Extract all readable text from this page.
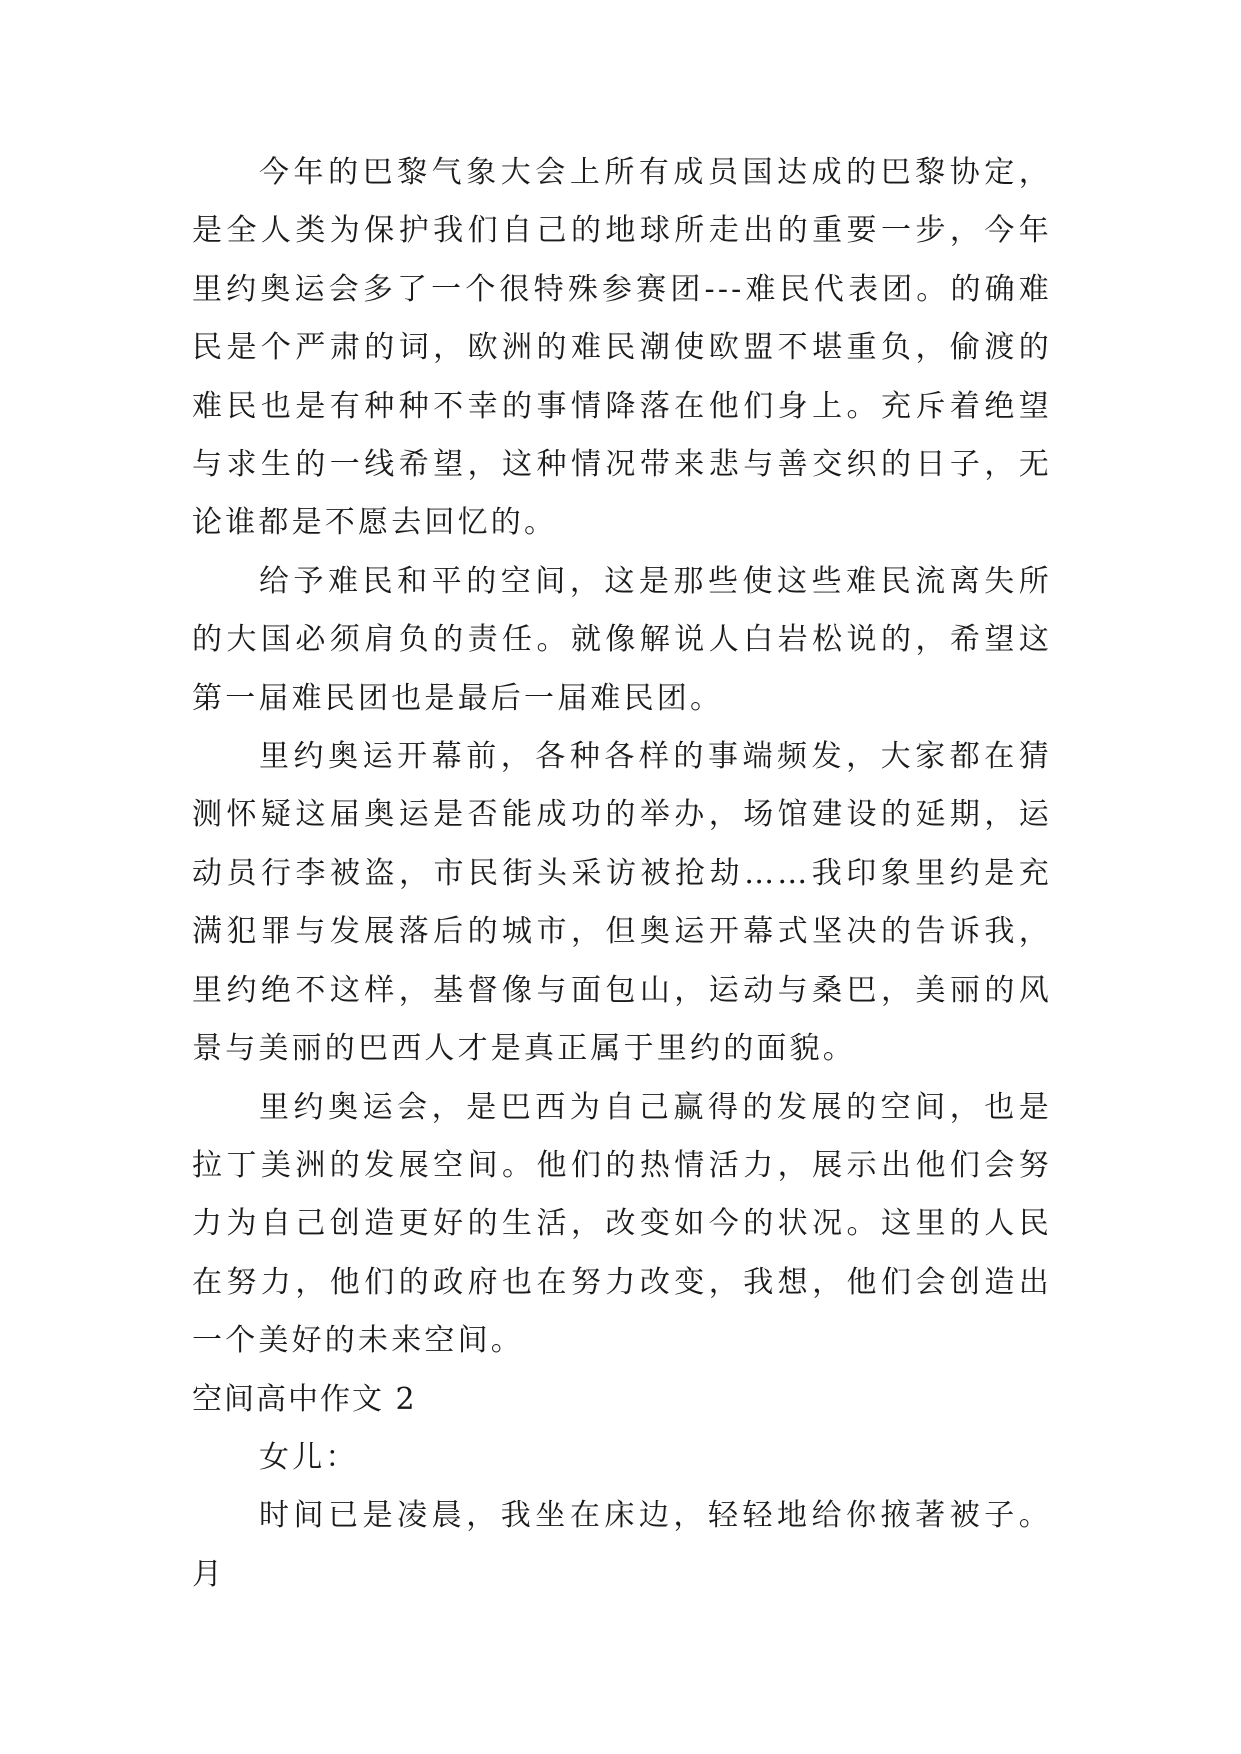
今年的巴黎气象大会上所有成员国达成的巴黎协定，是全人类为保护我们自己的地球所走出的重要一步，今年里约奥运会多了一个很特殊参赛团---难民代表团。的确难民是个严肃的词，欧洲的难民潮使欧盟不堪重负，偷渡的难民也是有种种不幸的事情降落在他们身上。充斥着绝望与求生的一线希望，这种情况带来悲与善交织的日子，无论谁都是不愿去回忆的。

给予难民和平的空间，这是那些使这些难民流离失所的大国必须肩负的责任。就像解说人白岩松说的，希望这第一届难民团也是最后一届难民团。

里约奥运开幕前，各种各样的事端频发，大家都在猜测怀疑这届奥运是否能成功的举办，场馆建设的延期，运动员行李被盗，市民街头采访被抢劫……我印象里约是充满犯罪与发展落后的城市，但奥运开幕式坚决的告诉我，里约绝不这样，基督像与面包山，运动与桑巴，美丽的风景与美丽的巴西人才是真正属于里约的面貌。

里约奥运会，是巴西为自己赢得的发展的空间，也是拉丁美洲的发展空间。他们的热情活力，展示出他们会努力为自己创造更好的生活，改变如今的状况。这里的人民在努力，他们的政府也在努力改变，我想，他们会创造出一个美好的未来空间。

空间高中作文 2

女儿：

时间已是凌晨，我坐在床边，轻轻地给你掖著被子。月
